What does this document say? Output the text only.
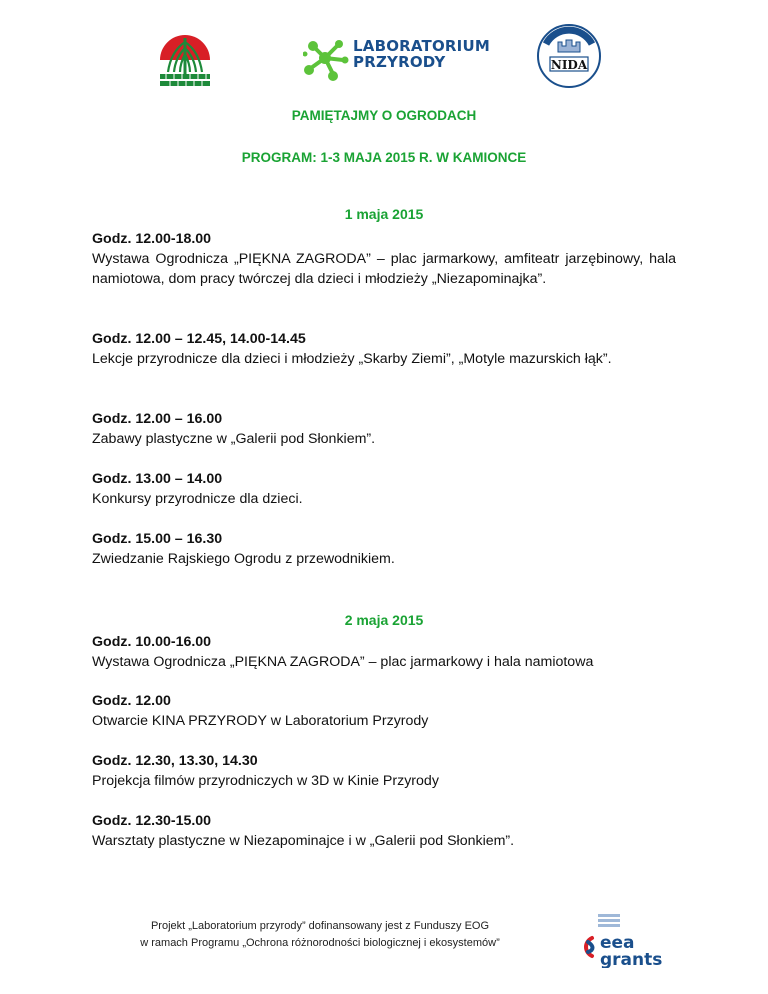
LABORATORIUM
PRZYRODY	NIDA
PAMIĘTAJMY O OGRODACH
PROGRAM: 1-3 MAJA 2015 R. W KAMIONCE
1 maja 2015
Godz. 12.00-18.00
Wystawa Ogrodnicza „PIĘKNA ZAGRODA” – plac jarmarkowy, amfiteatr jarzębinowy, hala namiotowa, dom pracy twórczej dla dzieci i młodzieży „Niezapominajka”.
Godz. 12.00 – 12.45, 14.00-14.45
Lekcje przyrodnicze dla dzieci i młodzieży „Skarby Ziemi”, „Motyle mazurskich łąk”.
Godz. 12.00 – 16.00
Zabawy plastyczne w „Galerii pod Słonkiem”.
Godz. 13.00 – 14.00
Konkursy przyrodnicze dla dzieci.
Godz. 15.00 – 16.30
Zwiedzanie Rajskiego Ogrodu z przewodnikiem.
2 maja 2015
Godz. 10.00-16.00
Wystawa Ogrodnicza „PIĘKNA ZAGRODA” – plac jarmarkowy i hala namiotowa
Godz. 12.00
Otwarcie KINA PRZYRODY w Laboratorium Przyrody
Godz. 12.30, 13.30, 14.30
Projekcja filmów przyrodniczych w 3D w Kinie Przyrody
Godz. 12.30-15.00
Warsztaty plastyczne w Niezapominajce i w „Galerii pod Słonkiem”.
Projekt „Laboratorium przyrody” dofinansowany jest z Funduszy EOG
w ramach Programu „Ochrona różnorodności biologicznej i ekosystemów”	eea
grants
